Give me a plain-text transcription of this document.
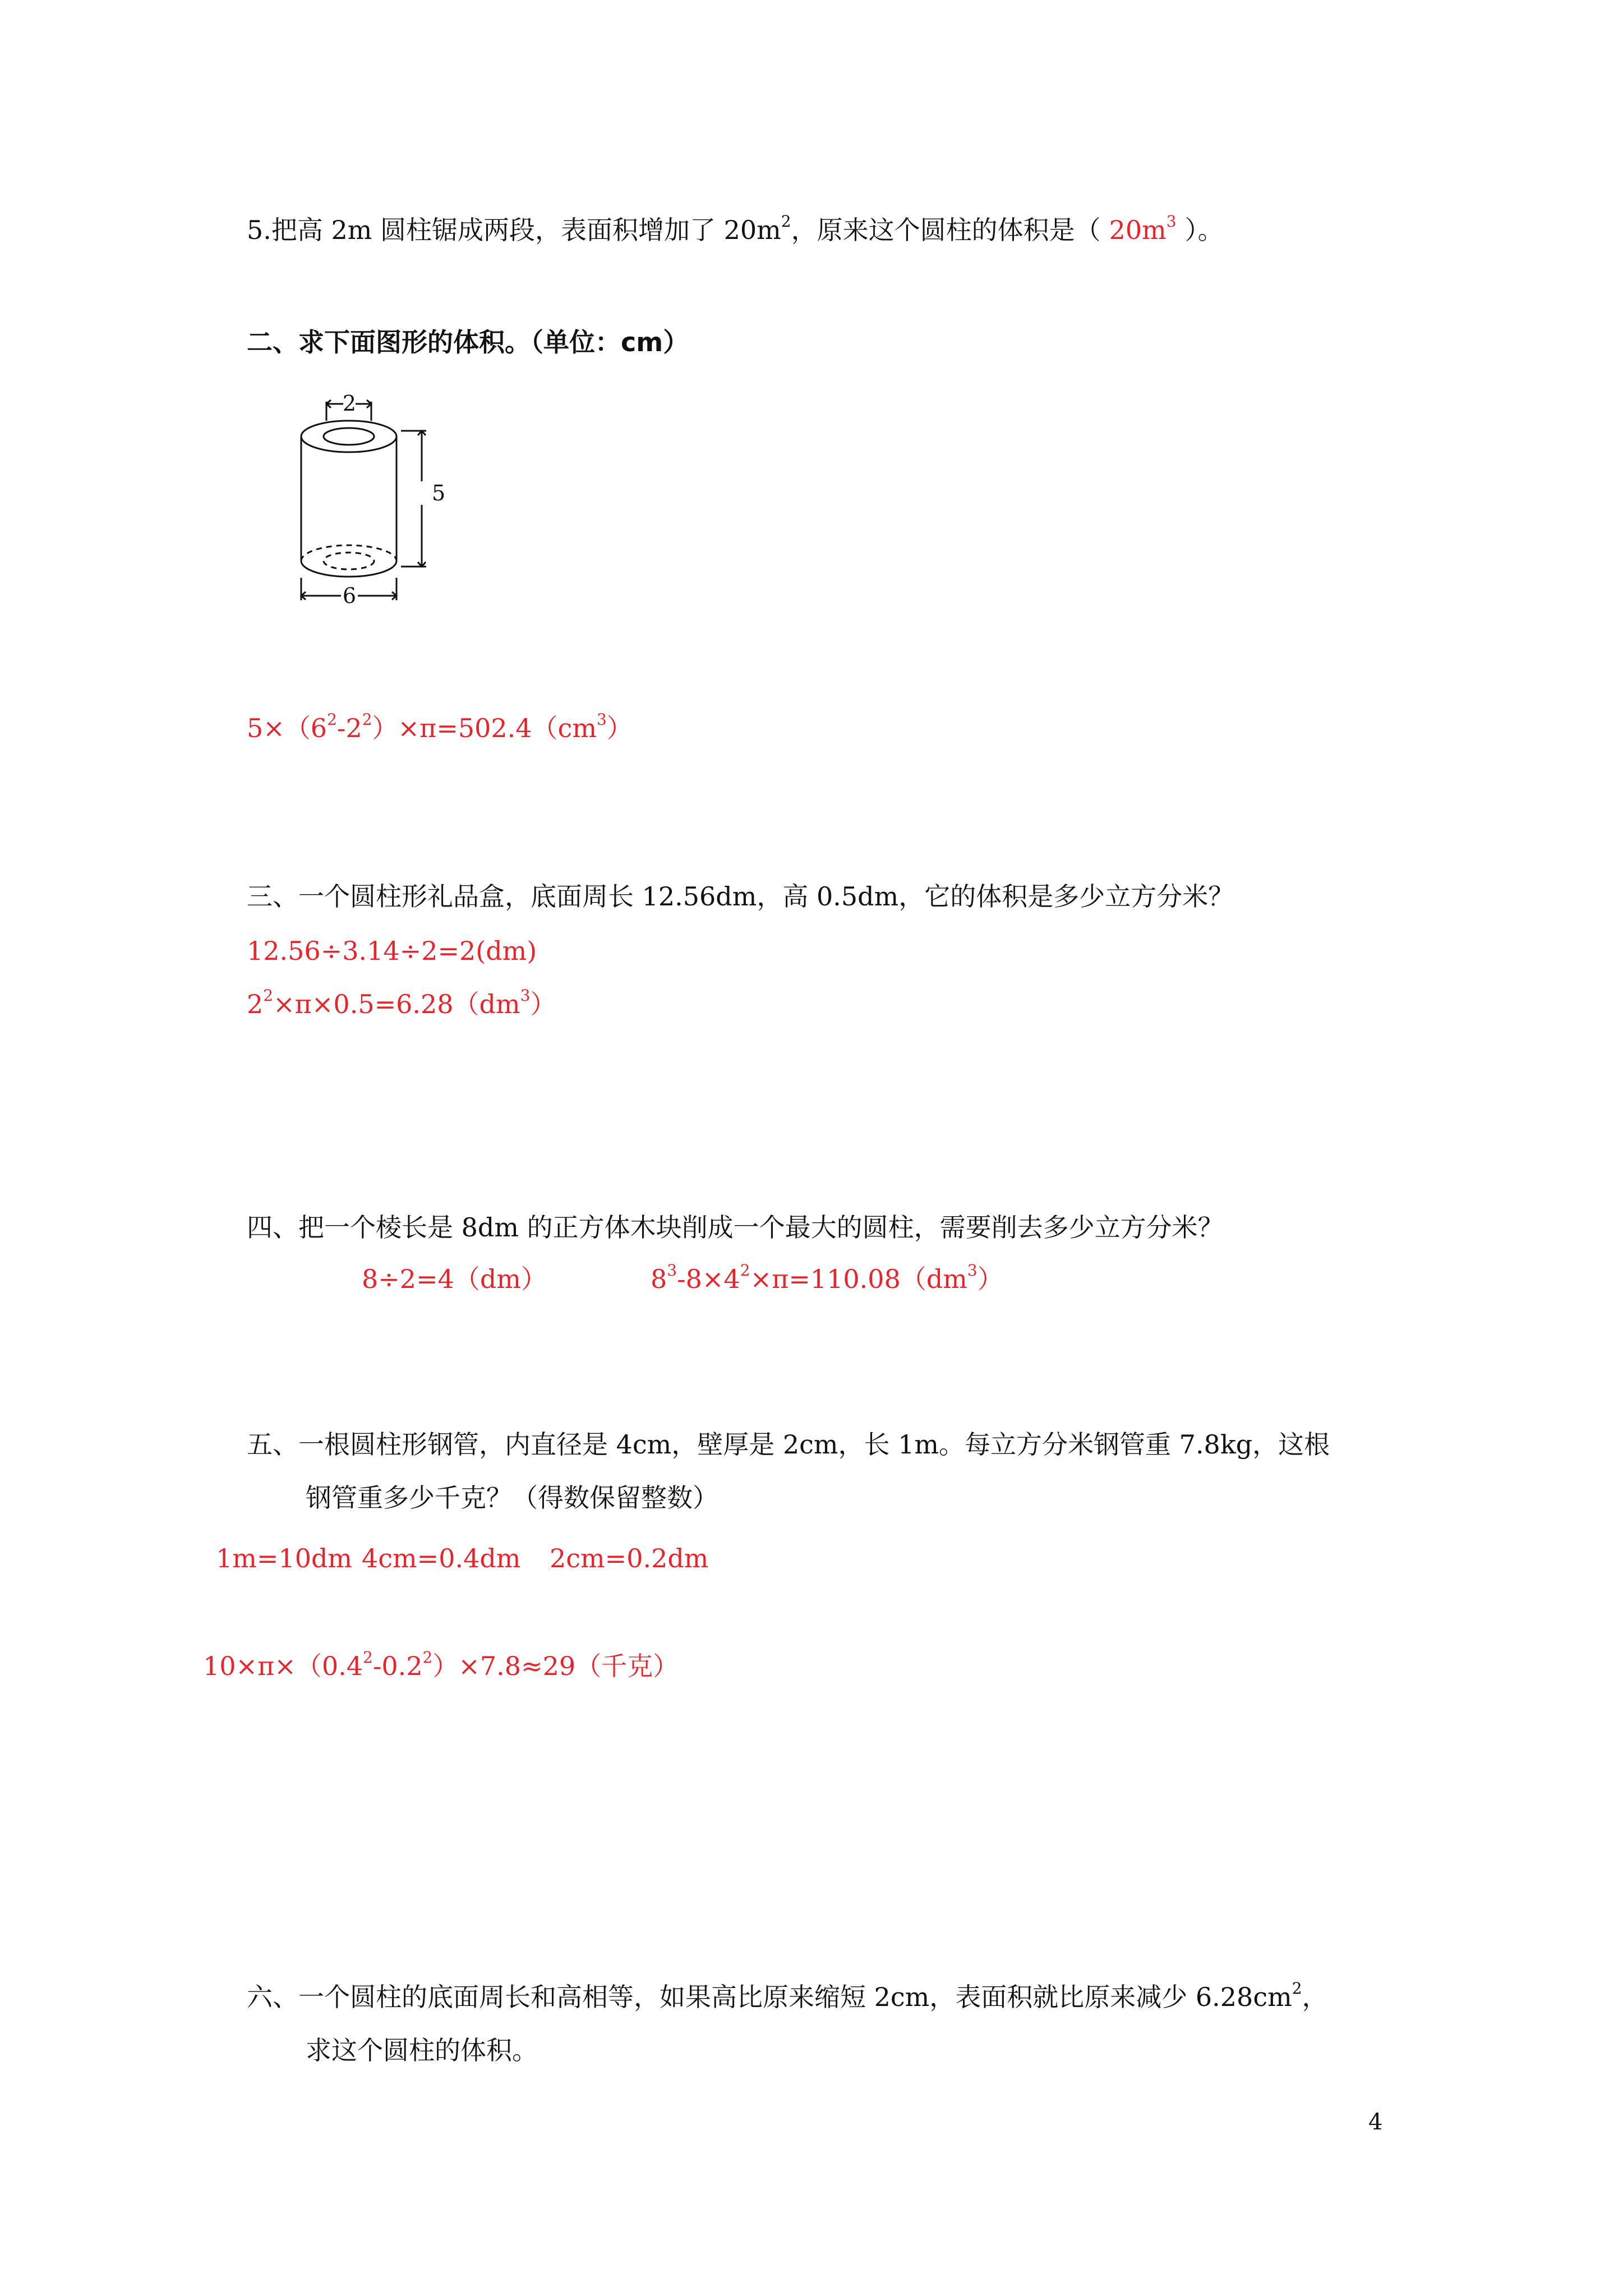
5.把高 2m 圆柱锯成两段，表面积增加了 $20m^2$，原来这个圆柱的体积是（ $20m^3$ ）。
二、求下面图形的体积。（单位：cm）
2
5
6
$5\times(6^2-2^2)\times\pi=502.4(cm^3)$
三、一个圆柱形礼品盒，底面周长 12.56dm，高 0.5dm，它的体积是多少立方分米？
12.56÷3.14÷2=2(dm)
$2^2\times\pi\times 0.5=6.28(dm^3)$
四、把一个棱长是 8dm 的正方体木块削成一个最大的圆柱，需要削去多少立方分米？
8÷2=4（dm）	$8^3-8\times 4^2\times\pi=110.08(dm^3)$
五、一根圆柱形钢管，内直径是 4cm，壁厚是 2cm，长 1m。每立方分米钢管重 7.8kg，这根
钢管重多少千克？（得数保留整数）
1m=10dm 4cm=0.4dm 2cm=0.2dm
$10\times\pi\times(0.4^2-0.2^2)\times 7.8\approx 29$（千克）
六、一个圆柱的底面周长和高相等，如果高比原来缩短 2cm，表面积就比原来减少 $6.28cm^2$，
求这个圆柱的体积。
4
